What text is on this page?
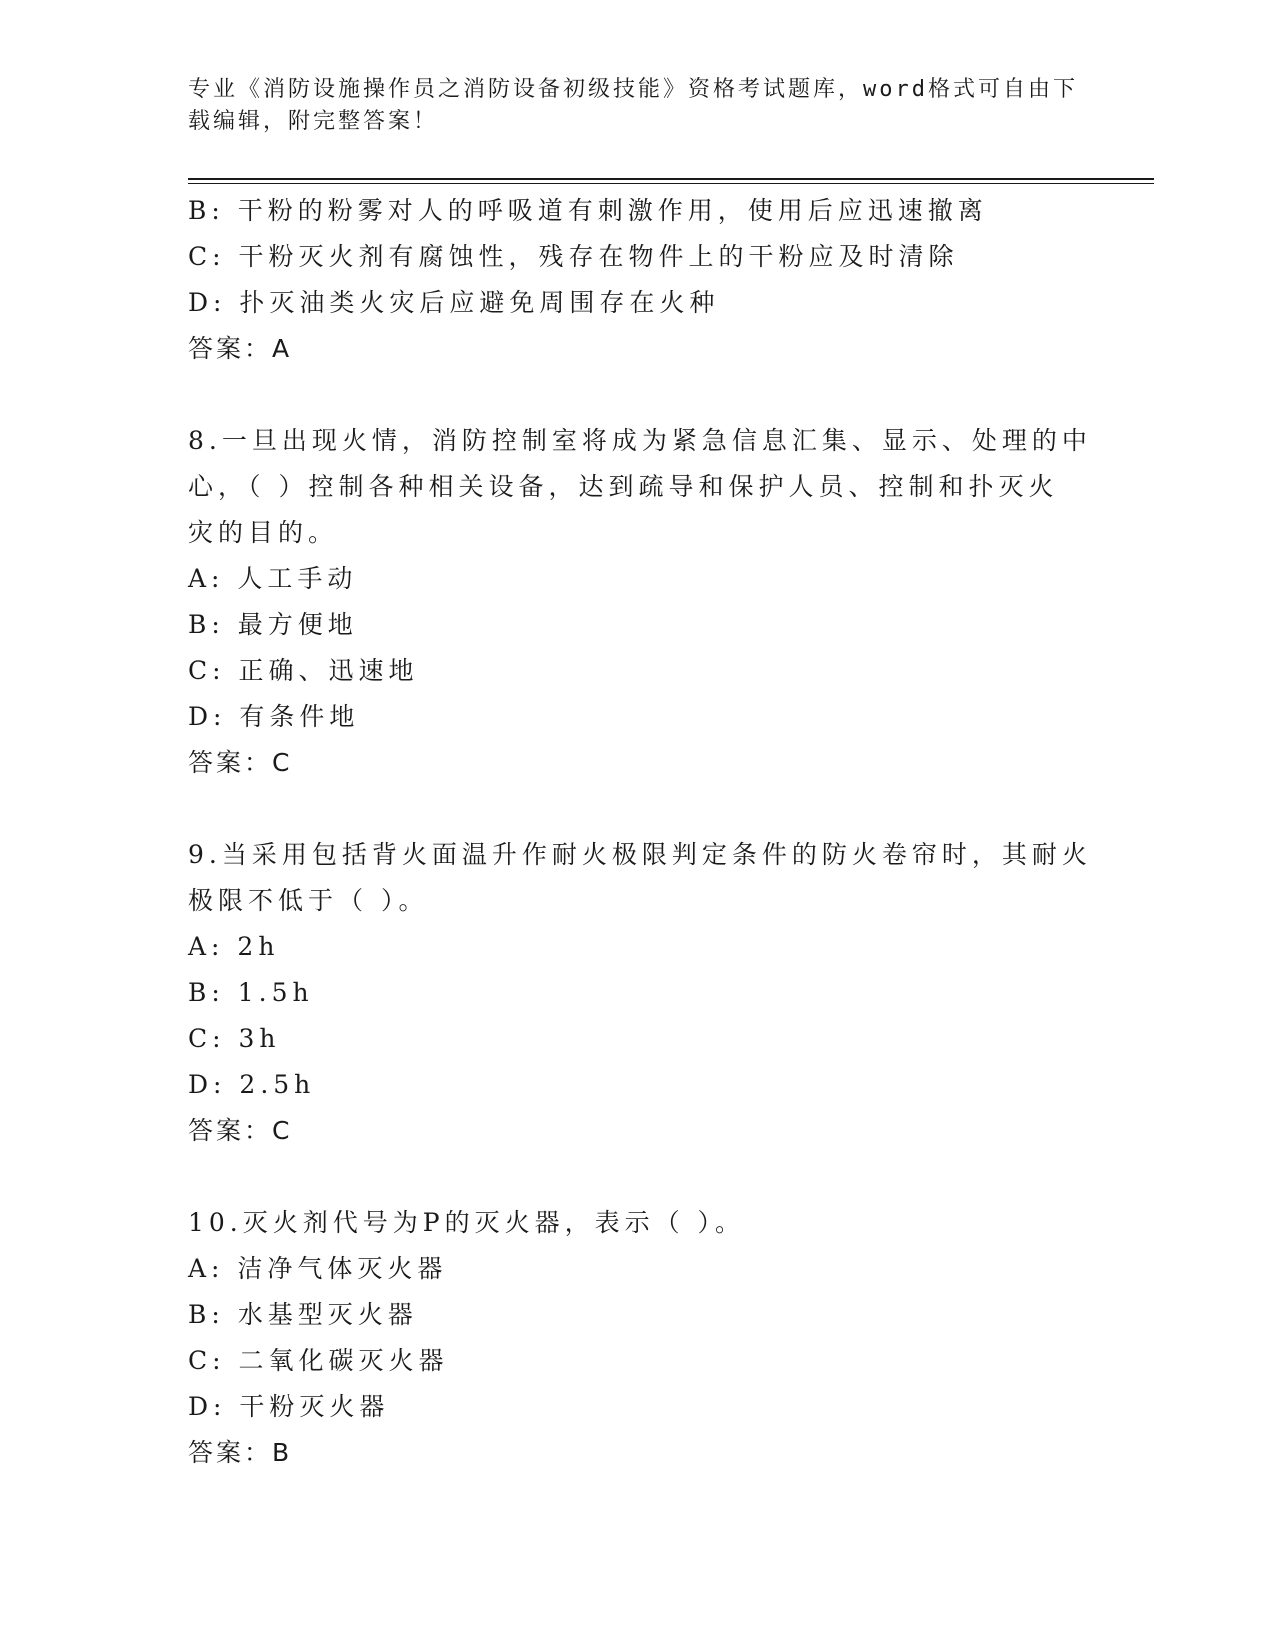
专业《消防设施操作员之消防设备初级技能》资格考试题库，word格式可自由下
载编辑，附完整答案！
B: 干粉的粉雾对人的呼吸道有刺激作用，使用后应迅速撤离
C: 干粉灭火剂有腐蚀性，残存在物件上的干粉应及时清除
D: 扑灭油类火灾后应避免周围存在火种
答案：A
8.一旦出现火情，消防控制室将成为紧急信息汇集、显示、处理的中
心，（ ）控制各种相关设备，达到疏导和保护人员、控制和扑灭火
灾的目的。
A: 人工手动
B: 最方便地
C: 正确、迅速地
D: 有条件地
答案：C
9.当采用包括背火面温升作耐火极限判定条件的防火卷帘时，其耐火
极限不低于（ ）。
A: 2h
B: 1.5h
C: 3h
D: 2.5h
答案：C
10.灭火剂代号为P的灭火器，表示（ ）。
A: 洁净气体灭火器
B: 水基型灭火器
C: 二氧化碳灭火器
D: 干粉灭火器
答案：B
